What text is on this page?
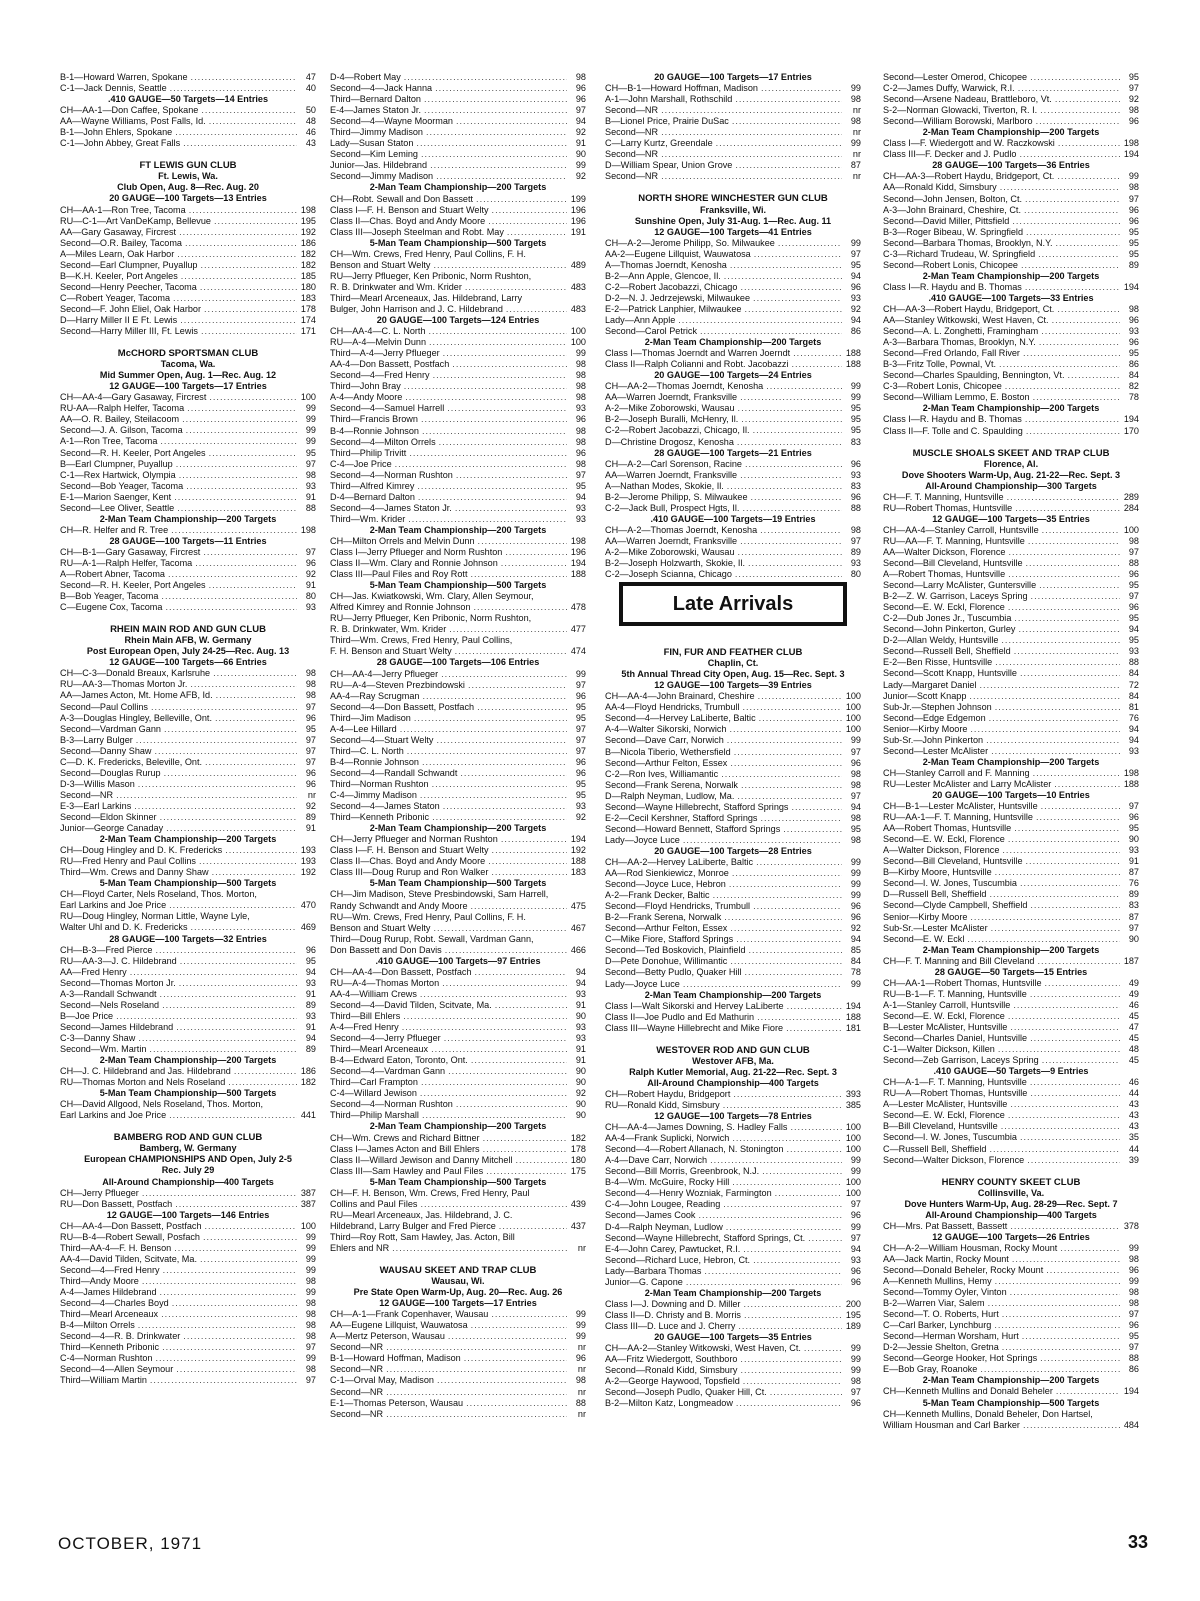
B-1—Howard Warren, Spokane .....	47
C-1—Jack Dennis, Seattle .....	40
.410 GAUGE—50 Targets—14 Entries
CH—AA-1—Don Caffee, Spokane .....	50
AA—Wayne Williams, Post Falls, Id. .....	48
B-1—John Ehlers, Spokane .....	46
C-1—John Abbey, Great Falls .....	43
FT LEWIS GUN CLUB
Ft. Lewis, Wa.
Club Open, Aug. 8—Rec. Aug. 20
20 GAUGE—100 Targets—13 Entries
CH—AA-1—Ron Tree, Tacoma .....	198
RU—C-1—Art VanDeKamp, Bellevue .....	195
AA—Gary Gasaway, Fircrest .....	192
Second—O.R. Bailey, Tacoma .....	186
A—Miles Learn, Oak Harbor .....	182
Second—Earl Clumpner, Puyallup .....	182
B—K.H. Keeler, Port Angeles .....	185
Second—Henry Peecher, Tacoma .....	180
C—Robert Yeager, Tacoma .....	183
Second—F. John Eliel, Oak Harbor .....	178
D—Harry Miller II E Ft. Lewis .....	174
Second—Harry Miller III, Ft. Lewis .....	171
McCHORD SPORTSMAN CLUB
Tacoma, Wa.
Mid Summer Open, Aug. 1—Rec. Aug. 12
12 GAUGE—100 Targets—17 Entries
CH—AA-4—Gary Gasaway, Fircrest .....	100
RU-AA—Ralph Helfer, Tacoma .....	99
AA—O. R. Bailey, Steilacoom .....	99
Second—J. A. Gilson, Tacoma .....	99
A-1—Ron Tree, Tacoma .....	99
Second—R. H. Keeler, Port Angeles .....	95
B—Earl Clumpner, Puyallup .....	97
C-1—Rex Hartwick, Olympia .....	98
Second—Bob Yeager, Tacoma .....	93
E-1—Marion Saenger, Kent .....	91
Second—Lee Oliver, Seattle .....	88
2-Man Team Championship—200 Targets
CH—R. Helfer and R. Tree .....	198
28 GAUGE—100 Targets—11 Entries
CH—B-1—Gary Gasaway, Fircrest .....	97
RU—A-1—Ralph Helfer, Tacoma .....	96
A—Robert Abner, Tacoma .....	92
Second—R. H. Keeler, Port Angeles .....	91
B—Bob Yeager, Tacoma .....	80
C—Eugene Cox, Tacoma .....	93
RHEIN MAIN ROD AND GUN CLUB
Rhein Main AFB, W. Germany
Post European Open, July 24-25—Rec. Aug. 13
12 GAUGE—100 Targets—66 Entries
CH—C-3—Donald Breaux, Karlsruhe .....	98
RU—AA-3—Thomas Morton Jr. .....	98
AA—James Acton, Mt. Home AFB, Id. .....	98
Second—Paul Collins .....	97
A-3—Douglas Hingley, Belleville, Ont. .....	96
Second—Vardman Gann .....	95
B-3—Larry Bulger .....	97
Second—Danny Shaw .....	97
C—D. K. Fredericks, Beleville, Ont. .....	97
Second—Douglas Rurup .....	96
D-3—Willis Mason .....	96
Second—NR .....	nr
E-3—Earl Larkins .....	92
Second—Eldon Skinner .....	89
Junior—George Canaday .....	91
2-Man Team Championship—200 Targets
CH—Doug Hingley and D. K. Fredericks .....	193
RU—Fred Henry and Paul Collins .....	193
Third—Wm. Crews and Danny Shaw .....	192
5-Man Team Championship—500 Targets
CH—Floyd Carter, Nels Roseland, Thos. Morton,
Earl Larkins and Joe Price .....	470
RU—Doug Hingley, Norman Little, Wayne Lyle,
Walter Uhl and D. K. Fredericks .....	469
28 GAUGE—100 Targets—32 Entries
CH—B-3—Fred Pierce .....	96
RU—AA-3—J. C. Hildebrand .....	95
AA—Fred Henry .....	94
Second—Thomas Morton Jr. .....	93
A-3—Randall Schwandt .....	91
Second—Nels Roseland .....	89
B—Joe Price .....	93
Second—James Hildebrand .....	91
C-3—Danny Shaw .....	94
Second—Wm. Martin .....	89
2-Man Team Championship—200 Targets
CH—J. C. Hildebrand and Jas. Hildebrand .....	186
RU—Thomas Morton and Nels Roseland .....	182
5-Man Team Championship—500 Targets
CH—David Allgood, Nels Roseland, Thos. Morton,
Earl Larkins and Joe Price .....	441
BAMBERG ROD AND GUN CLUB
Bamberg, W. Germany
European CHAMPIONSHIPS AND Open, July 2-5
Rec. July 29
All-Around Championship—400 Targets
CH—Jerry Pflueger .....	387
RU—Don Bassett, Postfach .....	387
12 GAUGE—100 Targets—146 Entries
CH—AA-4—Don Bassett, Postfach .....	100
RU—B-4—Robert Sewall, Posfach .....	99
Third—AA-4—F. H. Benson .....	99
AA-4—David Tilden, Scitvate, Ma. .....	99
Second—4—Fred Henry .....	99
Third—Andy Moore .....	98
A-4—James Hildebrand .....	99
Second—4—Charles Boyd .....	98
Third—Mearl Arceneaux .....	98
B-4—Milton Orrels .....	98
Second—4—R. B. Drinkwater .....	98
Third—Kenneth Pribonic .....	97
C-4—Norman Rushton .....	99
Second—4—Allen Seymour .....	98
Third—William Martin .....	97
D-4—Robert May .....	98
Second—4—Jack Hanna .....	96
Third—Bernard Dalton .....	96
E-4—James Staton Jr. .....	97
Second—4—Wayne Moorman .....	94
Third—Jimmy Madison .....	92
Lady—Susan Staton .....	91
Second—Kim Leming .....	90
Junior—Jas. Hildebrand .....	99
Second—Jimmy Madison .....	92
2-Man Team Championship—200 Targets
CH—Robt. Sewall and Don Bassett .....	199
Class I—F. H. Benson and Stuart Welty .....	196
Class II—Chas. Boyd and Andy Moore .....	196
Class III—Joseph Steelman and Robt. May .....	191
5-Man Team Championship—500 Targets
CH—Wm. Crews, Fred Henry, Paul Collins, F. H.
Benson and Stuart Welty .....	489
RU—Jerry Pflueger, Ken Pribonic, Norm Rushton,
R. B. Drinkwater and Wm. Krider .....	483
Third—Mearl Arceneaux, Jas. Hildebrand, Larry
Bulger, John Harrison and J. C. Hildebrand .....	483
20 GAUGE—100 Targets—124 Entries
CH—AA-4—C. L. North .....	100
RU—A-4—Melvin Dunn .....	100
Third—A-4—Jerry Pflueger .....	99
AA-4—Don Bassett, Postfach .....	98
Second—4—Fred Henry .....	98
Third—John Bray .....	98
A-4—Andy Moore .....	98
Second—4—Samuel Harrell .....	93
Third—Francis Brown .....	96
B-4—Ronnie Johnson .....	98
Second—4—Milton Orrels .....	98
Third—Philip Trivitt .....	96
C-4—Joe Price .....	98
Second—4—Norman Rushton .....	97
Third—Alfred Kimrey .....	95
D-4—Bernard Dalton .....	94
Second—4—James Staton Jr. .....	93
Third—Wm. Krider .....	93
2-Man Team Championship—200 Targets
CH—Milton Orrels and Melvin Dunn .....	198
Class I—Jerry Pflueger and Norm Rushton .....	196
Class II—Wm. Clary and Ronnie Johnson .....	194
Class III—Paul Files and Roy Rott .....	188
5-Man Team Championship—500 Targets
CH—Jas. Kwiatkowski, Wm. Clary, Allen Seymour,
Alfred Kimrey and Ronnie Johnson .....	478
RU—Jerry Pflueger, Ken Pribonic, Norm Rushton,
R. B. Drinkwater, Wm. Krider .....	477
Third—Wm. Crews, Fred Henry, Paul Collins,
F. H. Benson and Stuart Welty .....	474
28 GAUGE—100 Targets—106 Entries
CH—AA-4—Jerry Pflueger .....	99
RU—A-4—Steven Prezbindowski .....	97
AA-4—Ray Scrugman .....	96
Second—4—Don Bassett, Postfach .....	95
Third—Jim Madison .....	95
A-4—Lee Hillard .....	97
Second—4—Stuart Welty .....	97
Third—C. L. North .....	97
B-4—Ronnie Johnson .....	96
Second—4—Randall Schwandt .....	96
Third—Norman Rushton .....	95
C-4—Jimmy Madison .....	95
Second—4—James Staton .....	93
Third—Kenneth Pribonic .....	92
2-Man Team Championship—200 Targets
CH—Jerry Pflueger and Norman Rushton .....	194
Class I—F. H. Benson and Stuart Welty .....	192
Class II—Chas. Boyd and Andy Moore .....	188
Class III—Doug Rurup and Ron Walker .....	183
5-Man Team Championship—500 Targets
CH—Jim Madison, Steve Presbindowski, Sam Harrell,
Randy Schwandt and Andy Moore .....	475
RU—Wm. Crews, Fred Henry, Paul Collins, F. H.
Benson and Stuart Welty .....	467
Third—Doug Rurup, Robt. Sewall, Vardman Gann,
Don Bassett and Don Davis .....	466
.410 GAUGE—100 Targets—97 Entries
CH—AA-4—Don Bassett, Postfach .....	94
RU—A-4—Thomas Morton .....	94
AA-4—William Crews .....	93
Second—4—David Tilden, Scitvate, Ma. .....	91
Third—Bill Ehlers .....	90
A-4—Fred Henry .....	93
Second—4—Jerry Pflueger .....	93
Third—Mearl Arceneaux .....	91
B-4—Edward Eaton, Toronto, Ont. .....	91
Second—4—Vardman Gann .....	90
Third—Carl Frampton .....	90
C-4—Willard Jewison .....	92
Second—4—Norman Rushton .....	90
Third—Philip Marshall .....	90
2-Man Team Championship—200 Targets
CH—Wm. Crews and Richard Bittner .....	182
Class I—James Acton and Bill Ehlers .....	178
Class II—Willard Jewison and Danny Mitchell .....	180
Class III—Sam Hawley and Paul Files .....	175
5-Man Team Championship—500 Targets
CH—F. H. Benson, Wm. Crews, Fred Henry, Paul
Collins and Paul Files .....	439
RU—Mearl Arceneaux, Jas. Hildebrand, J. C.
Hildebrand, Larry Bulger and Fred Pierce .....	437
Third—Roy Rott, Sam Hawley, Jas. Acton, Bill
Ehlers and NR .....	nr
WAUSAU SKEET AND TRAP CLUB
Wausau, Wi.
Pre State Open Warm-Up, Aug. 20—Rec. Aug. 26
12 GAUGE—100 Targets—17 Entries
CH—A-1—Frank Copenhaver, Wausau .....	99
AA—Eugene Lillquist, Wauwatosa .....	99
A—Mertz Peterson, Wausau .....	99
Second—NR .....	nr
B-1—Howard Hoffman, Madison .....	96
Second—NR .....	nr
C-1—Orval May, Madison .....	98
Second—NR .....	nr
E-1—Thomas Peterson, Wausau .....	88
Second—NR .....	nr
20 GAUGE—100 Targets—17 Entries
CH—B-1—Howard Hoffman, Madison .....	99
A-1—John Marshall, Rothschild .....	98
Second—NR .....	nr
B—Lionel Price, Prairie DuSac .....	98
Second—NR .....	nr
C—Larry Kurtz, Greendale .....	99
Second—NR .....	nr
D—William Spear, Union Grove .....	87
Second—NR .....	nr
NORTH SHORE WINCHESTER GUN CLUB
Franksville, Wi.
Sunshine Open, July 31-Aug. 1—Rec. Aug. 11
12 GAUGE—100 Targets—41 Entries
CH—A-2—Jerome Philipp, So. Milwaukee .....	99
AA-2—Eugene Lillquist, Wauwatosa .....	97
A—Thomas Joerndt, Kenosha .....	95
B-2—Ann Apple, Glencoe, Il. .....	94
C-2—Robert Jacobazzi, Chicago .....	96
D-2—N. J. Jedrzejewski, Milwaukee .....	93
E-2—Patrick Lanphier, Milwaukee .....	92
Lady—Ann Apple .....	94
Second—Carol Petrick .....	86
2-Man Team Championship—200 Targets
Class I—Thomas Joerndt and Warren Joerndt .....	188
Class II—Ralph Colianni and Robt. Jacobazzi .....	188
20 GAUGE—100 Targets—24 Entries
CH—AA-2—Thomas Joerndt, Kenosha .....	99
AA—Warren Joerndt, Franksville .....	99
A-2—Mike Zoborowski, Wausau .....	95
B-2—Joseph Buralli, McHenry, Il. .....	95
C-2—Robert Jacobazzi, Chicago, Il. .....	95
D—Christine Drogosz, Kenosha .....	83
28 GAUGE—100 Targets—21 Entries
CH—A-2—Carl Sorenson, Racine .....	96
AA—Warren Joerndt, Franksville .....	93
A—Nathan Modes, Skokie, Il. .....	83
B-2—Jerome Philipp, S. Milwaukee .....	96
C-2—Jack Bull, Prospect Hgts, Il. .....	88
.410 GAUGE—100 Targets—19 Entries
CH—A-2—Thomas Joerndt, Kenosha .....	98
AA—Warren Joerndt, Franksville .....	97
A-2—Mike Zoborowski, Wausau .....	89
B-2—Joseph Holzwarth, Skokie, Il. .....	93
C-2—Joseph Scianna, Chicago .....	80
Late Arrivals
FIN, FUR AND FEATHER CLUB
Chaplin, Ct.
5th Annual Thread City Open, Aug. 15—Rec. Sept. 3
12 GAUGE—100 Targets—39 Entries
CH—AA-4—John Brainard, Cheshire .....	100
AA-4—Floyd Hendricks, Trumbull .....	100
Second—4—Hervey LaLiberte, Baltic .....	100
A-4—Walter Sikorski, Norwich .....	100
Second—Dave Carr, Norwich .....	99
B—Nicola Tiberio, Wethersfield .....	97
Second—Arthur Felton, Essex .....	96
C-2—Ron Ives, Williamantic .....	98
Second—Frank Serena, Norwalk .....	98
D—Ralph Neyman, Ludlow, Ma. .....	97
Second—Wayne Hillebrecht, Stafford Springs .....	94
E-2—Cecil Kershner, Stafford Springs .....	98
Second—Howard Bennett, Stafford Springs .....	95
Lady—Joyce Luce .....	98
20 GAUGE—100 Targets—28 Entries
CH—AA-2—Hervey LaLiberte, Baltic .....	99
AA—Rod Sienkiewicz, Monroe .....	99
Second—Joyce Luce, Hebron .....	99
A-2—Frank Decker, Baltic .....	99
Second—Floyd Hendricks, Trumbull .....	96
B-2—Frank Serena, Norwalk .....	96
Second—Arthur Felton, Essex .....	92
C—Mike Fiore, Stafford Springs .....	94
Second—Ted Boskovich, Plainfield .....	85
D—Pete Donohue, Willimantic .....	84
Second—Betty Pudlo, Quaker Hill .....	78
Lady—Joyce Luce .....	99
2-Man Team Championship—200 Targets
Class I—Walt Sikorski and Hervey LaLiberte .....	194
Class II—Joe Pudlo and Ed Mathurin .....	188
Class III—Wayne Hillebrecht and Mike Fiore .....	181
WESTOVER ROD AND GUN CLUB
Westover AFB, Ma.
Ralph Kutler Memorial, Aug. 21-22—Rec. Sept. 3
All-Around Championship—400 Targets
CH—Robert Haydu, Bridgeport .....	393
RU—Ronald Kidd, Simsbury .....	385
12 GAUGE—100 Targets—78 Entries
CH—AA-4—James Downing, S. Hadley Falls .....	100
AA-4—Frank Suplicki, Norwich .....	100
Second—4—Robert Allanach, N. Stonington .....	100
A-4—Dave Carr, Norwich .....	99
Second—Bill Morris, Greenbrook, N.J. .....	99
B-4—Wm. McGuire, Rocky Hill .....	100
Second—4—Henry Wozniak, Farmington .....	100
C-4—John Lougee, Reading .....	97
Second—James Cook .....	96
D-4—Ralph Neyman, Ludlow .....	99
Second—Wayne Hillebrecht, Stafford Springs, Ct. .....	97
E-4—John Carey, Pawtucket, R.I. .....	94
Second—Richard Luce, Hebron, Ct. .....	93
Lady—Barbara Thomas .....	96
Junior—G. Capone .....	96
2-Man Team Championship—200 Targets
Class I—J. Downing and D. Miller .....	200
Class II—D. Christy and B. Morris .....	195
Class III—D. Luce and J. Cherry .....	189
20 GAUGE—100 Targets—35 Entries
CH—AA-2—Stanley Witkowski, West Haven, Ct. .....	99
AA—Fritz Wiedergott, Southboro .....	99
Second—Ronald Kidd, Simsbury .....	99
A-2—George Haywood, Topsfield .....	98
Second—Joseph Pudlo, Quaker Hill, Ct. .....	97
B-2—Milton Katz, Longmeadow .....	96
Second—Lester Omerod, Chicopee .....	95
C-2—James Duffy, Warwick, R.I. .....	97
Second—Arsene Nadeau, Brattleboro, Vt. .....	92
S-2—Norman Glowacki, Tiverton, R. I. .....	98
Second—William Borowski, Marlboro .....	96
2-Man Team Championship—200 Targets
Class I—F. Wiedergott and W. Raczkowski .....	198
Class III—F. Decker and J. Pudlo .....	194
28 GAUGE—100 Targets—36 Entries
CH—AA-3—Robert Haydu, Bridgeport, Ct. .....	99
AA—Ronald Kidd, Simsbury .....	98
Second—John Jensen, Bolton, Ct. .....	97
A-3—John Brainard, Cheshire, Ct. .....	96
Second—David Miller, Pittsfield .....	96
B-3—Roger Bibeau, W. Springfield .....	95
Second—Barbara Thomas, Brooklyn, N.Y. .....	95
C-3—Richard Trudeau, W. Springfield .....	95
Second—Robert Lonis, Chicopee .....	89
2-Man Team Championship—200 Targets
Class I—R. Haydu and B. Thomas .....	194
.410 GAUGE—100 Targets—33 Entries
CH—AA-3—Robert Haydu, Bridgeport, Ct. .....	98
AA—Stanley Witkowski, West Haven, Ct. .....	96
Second—A. L. Zonghetti, Framingham .....	93
A-3—Barbara Thomas, Brooklyn, N.Y. .....	96
Second—Fred Orlando, Fall River .....	95
B-3—Fritz Tolle, Pownal, Vt. .....	86
Second—Charles Spaulding, Bennington, Vt. .....	84
C-3—Robert Lonis, Chicopee .....	82
Second—William Lemmo, E. Boston .....	78
2-Man Team Championship—200 Targets
Class I—R. Haydu and B. Thomas .....	194
Class II—F. Tolle and C. Spaulding .....	170
MUSCLE SHOALS SKEET AND TRAP CLUB
Florence, Al.
Dove Shooters Warm-Up, Aug. 21-22—Rec. Sept. 3
All-Around Championship—300 Targets
CH—F. T. Manning, Huntsville .....	289
RU—Robert Thomas, Huntsville .....	284
12 GAUGE—100 Targets—35 Entries
CH—AA-4—Stanley Carroll, Huntsville .....	100
RU—AA—F. T. Manning, Huntsville .....	98
AA—Walter Dickson, Florence .....	97
Second—Bill Cleveland, Huntsville .....	88
A—Robert Thomas, Huntsville .....	96
Second—Larry McAlister, Guntersville .....	95
B-2—Z. W. Garrison, Laceys Spring .....	97
Second—E. W. Eckl, Florence .....	96
C-2—Dub Jones Jr., Tuscumbia .....	95
Second—John Pinkerton, Gurley .....	94
D-2—Allan Weldy, Huntsville .....	95
Second—Russell Bell, Sheffield .....	93
E-2—Ben Risse, Huntsville .....	88
Second—Scott Knapp, Huntsville .....	84
Lady—Margaret Daniel .....	72
Junior—Scott Knapp .....	84
Sub-Jr.—Stephen Johnson .....	81
Second—Edge Edgemon .....	76
Senior—Kirby Moore .....	94
Sub-Sr.—John Pinkerton .....	94
Second—Lester McAlister .....	93
2-Man Team Championship—200 Targets
CH—Stanley Carroll and F. Manning .....	198
RU—Lester McAlister and Larry McAlister .....	188
20 GAUGE—100 Targets—10 Entries
CH—B-1—Lester McAlister, Huntsville .....	97
RU—AA-1—F. T. Manning, Huntsville .....	96
AA—Robert Thomas, Huntsville .....	95
Second—E. W. Eckl, Florence .....	90
A—Walter Dickson, Florence .....	93
Second—Bill Cleveland, Huntsville .....	91
B—Kirby Moore, Huntsville .....	87
Second—I. W. Jones, Tuscumbia .....	76
D—Russell Bell, Sheffield .....	89
Second—Clyde Campbell, Sheffield .....	83
Senior—Kirby Moore .....	87
Sub-Sr.—Lester McAlister .....	97
Second—E. W. Eckl .....	90
2-Man Team Championship—200 Targets
CH—F. T. Manning and Bill Cleveland .....	187
28 GAUGE—50 Targets—15 Entries
CH—AA-1—Robert Thomas, Huntsville .....	49
RU—B-1—F. T. Manning, Huntsville .....	49
A-1—Stanley Carroll, Huntsville .....	46
Second—E. W. Eckl, Florence .....	45
B—Lester McAlister, Huntsville .....	47
Second—Charles Daniel, Huntsville .....	45
C-1—Walter Dickson, Killen .....	48
Second—Zeb Garrison, Laceys Spring .....	45
.410 GAUGE—50 Targets—9 Entries
CH—A-1—F. T. Manning, Huntsville .....	46
RU—A—Robert Thomas, Huntsville .....	44
A—Lester McAlister, Huntsville .....	43
Second—E. W. Eckl, Florence .....	43
B—Bill Cleveland, Huntsville .....	43
Second—I. W. Jones, Tuscumbia .....	35
C—Russell Bell, Sheffield .....	44
Second—Walter Dickson, Florence .....	39
HENRY COUNTY SKEET CLUB
Collinsville, Va.
Dove Hunters Warm-Up, Aug. 28-29—Rec. Sept. 7
All-Around Championship—400 Targets
CH—Mrs. Pat Bassett, Bassett .....	378
12 GAUGE—100 Targets—26 Entries
CH—A-2—William Housman, Rocky Mount .....	99
AA—Jack Martin, Rocky Mount .....	98
Second—Donald Beheler, Rocky Mount .....	96
A—Kenneth Mullins, Hemy .....	99
Second—Tommy Oyler, Vinton .....	98
B-2—Warren Viar, Salem .....	98
Second—T. O. Roberts, Hurt .....	97
C—Carl Barker, Lynchburg .....	96
Second—Herman Worsham, Hurt .....	95
D-2—Jessie Shelton, Gretna .....	97
Second—George Hooker, Hot Springs .....	88
E—Bob Gray, Roanoke .....	86
2-Man Team Championship—200 Targets
CH—Kenneth Mullins and Donald Beheler .....	194
5-Man Team Championship—500 Targets
CH—Kenneth Mullins, Donald Beheler, Don Hartsel,
William Housman and Carl Barker .....	484
OCTOBER, 1971	33
